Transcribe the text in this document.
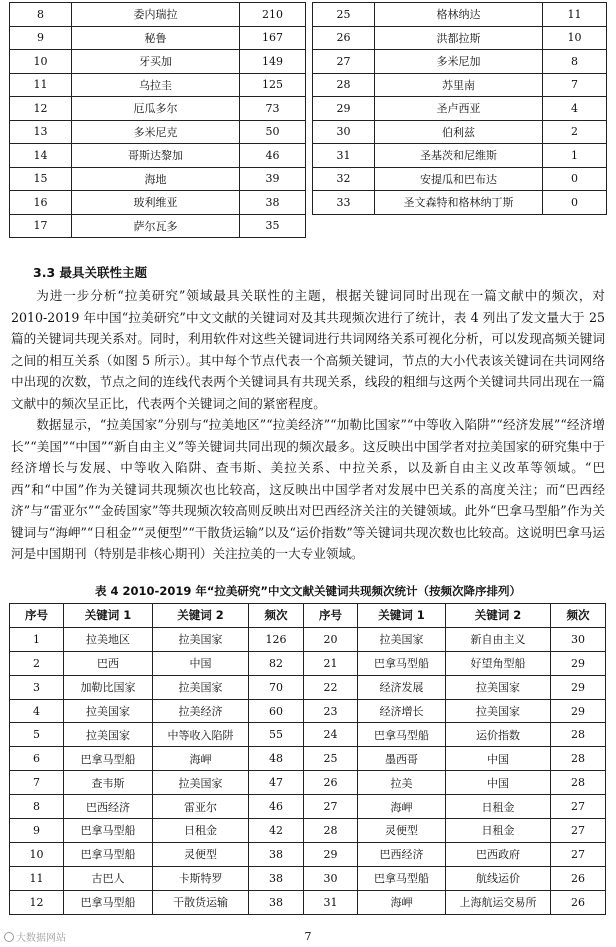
8	委内瑞拉	210
9	秘鲁	167
10	牙买加	149
11	乌拉圭	125
12	厄瓜多尔	73
13	多米尼克	50
14	哥斯达黎加	46
15	海地	39
16	玻利维亚	38
17	萨尔瓦多	35
25	格林纳达	11
26	洪都拉斯	10
27	多米尼加	8
28	苏里南	7
29	圣卢西亚	4
30	伯利兹	2
31	圣基茨和尼维斯	1
32	安提瓜和巴布达	0
33	圣文森特和格林纳丁斯	0
3.3 最具关联性主题

为进一步分析“拉美研究”领域最具关联性的主题，根据关键词同时出现在一篇文献中的频次，对 2010-2019 年中国“拉美研究”中文文献的关键词对及其共现频次进行了统计，表 4 列出了发文量大于 25 篇的关键词共现关系对。同时，利用软件对这些关键词进行共词网络关系可视化分析，可以发现高频关键词之间的相互关系（如图 5 所示）。其中每个节点代表一个高频关键词，节点的大小代表该关键词在共词网络中出现的次数，节点之间的连线代表两个关键词具有共现关系，线段的粗细与这两个关键词共同出现在一篇文献中的频次呈正比，代表两个关键词之间的紧密程度。

数据显示，“拉美国家”分别与“拉美地区”“拉美经济”“加勒比国家”“中等收入陷阱”“经济发展”“经济增长”“美国”“中国”“新自由主义”等关键词共同出现的频次最多。这反映出中国学者对拉美国家的研究集中于经济增长与发展、中等收入陷阱、查韦斯、美拉关系、中拉关系，以及新自由主义改革等领域。“巴西”和“中国”作为关键词共现频次也比较高，这反映出中国学者对发展中巴关系的高度关注；而“巴西经济”与“雷亚尔”“金砖国家”等共现频次较高则反映出对巴西经济关注的关键领域。此外“巴拿马型船”作为关键词与“海岬”“日租金”“灵便型”“干散货运输”以及“运价指数”等关键词共现次数也比较高。这说明巴拿马运河是中国期刊（特别是非核心期刊）关注拉美的一大专业领域。

表 4 2010-2019 年“拉美研究”中文文献关键词共现频次统计（按频次降序排列）
序号	关键词 1	关键词 2	频次	序号	关键词 1	关键词 2	频次
1	拉美地区	拉美国家	126	20	拉美国家	新自由主义	30
2	巴西	中国	82	21	巴拿马型船	好望角型船	29
3	加勒比国家	拉美国家	70	22	经济发展	拉美国家	29
4	拉美国家	拉美经济	60	23	经济增长	拉美国家	29
5	拉美国家	中等收入陷阱	55	24	巴拿马型船	运价指数	28
6	巴拿马型船	海岬	48	25	墨西哥	中国	28
7	查韦斯	拉美国家	47	26	拉美	中国	28
8	巴西经济	雷亚尔	46	27	海岬	日租金	27
9	巴拿马型船	日租金	42	28	灵便型	日租金	27
10	巴拿马型船	灵便型	38	29	巴西经济	巴西政府	27
11	古巴人	卡斯特罗	38	30	巴拿马型船	航线运价	26
12	巴拿马型船	干散货运输	38	31	海岬	上海航运交易所	26
7
大数据网站
